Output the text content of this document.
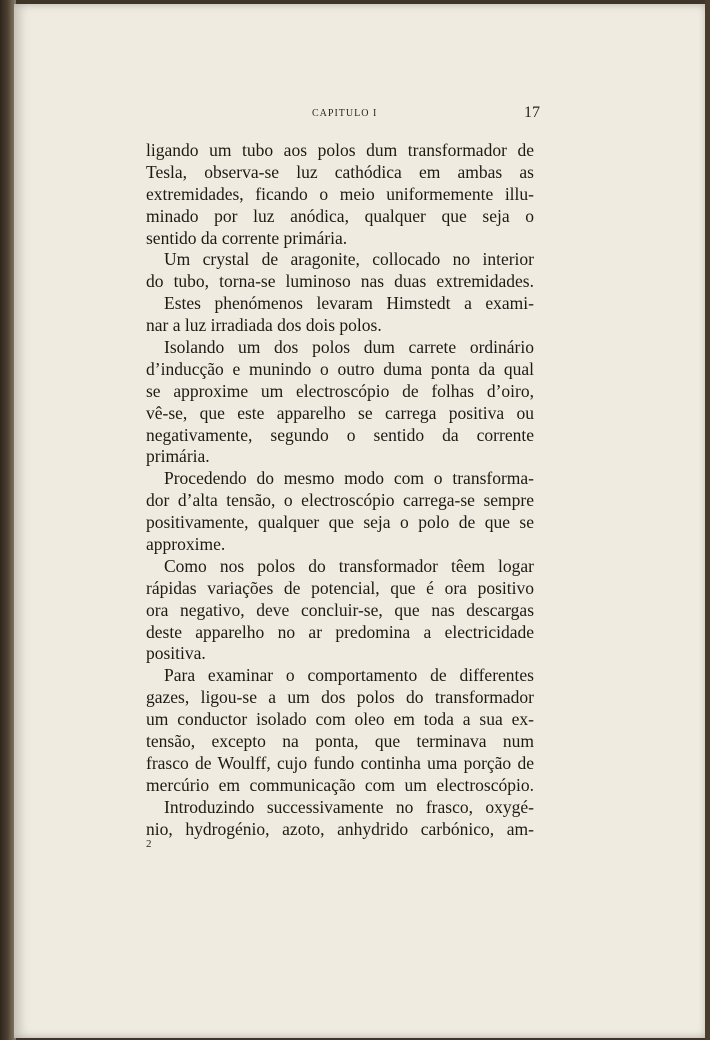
CAPITULO I	17
ligando um tubo aos polos dum transformador de
Tesla, observa-se luz cathódica em ambas as
extremidades, ficando o meio uniformemente illu-
minado por luz anódica, qualquer que seja o
sentido da corrente primária.
Um crystal de aragonite, collocado no interior
do tubo, torna-se luminoso nas duas extremidades.
Estes phenómenos levaram Himstedt a exami-
nar a luz irradiada dos dois polos.
Isolando um dos polos dum carrete ordinário
d’inducção e munindo o outro duma ponta da qual
se approxime um electroscópio de folhas d’oiro,
vê-se, que este apparelho se carrega positiva ou
negativamente, segundo o sentido da corrente
primária.
Procedendo do mesmo modo com o transforma-
dor d’alta tensão, o electroscópio carrega-se sempre
positivamente, qualquer que seja o polo de que se
approxime.
Como nos polos do transformador têem logar
rápidas variações de potencial, que é ora positivo
ora negativo, deve concluir-se, que nas descargas
deste apparelho no ar predomina a electricidade
positiva.
Para examinar o comportamento de differentes
gazes, ligou-se a um dos polos do transformador
um conductor isolado com oleo em toda a sua ex-
tensão, excepto na ponta, que terminava num
frasco de Woulff, cujo fundo continha uma porção de
mercúrio em communicação com um electroscópio.
Introduzindo successivamente no frasco, oxygé-
nio, hydrogénio, azoto, anhydrido carbónico, am-
2
